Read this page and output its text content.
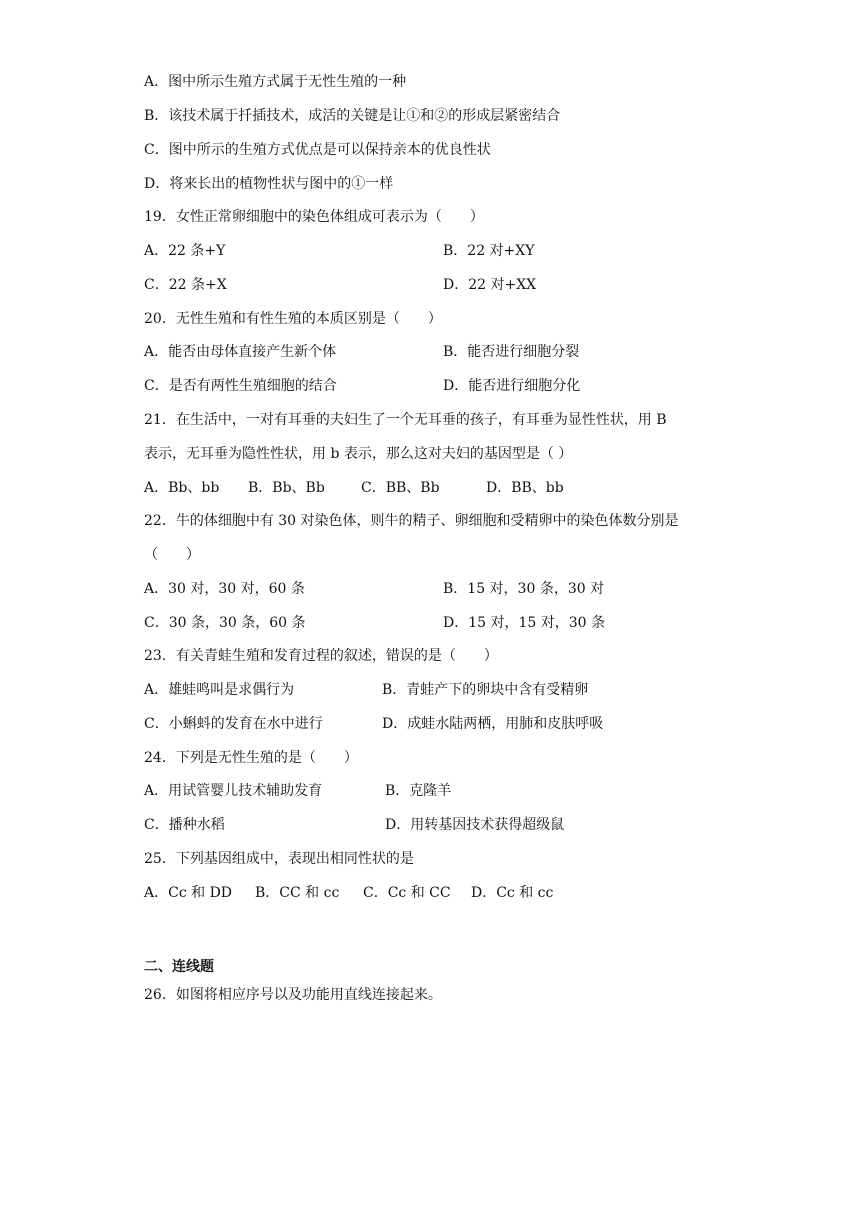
A．图中所示生殖方式属于无性生殖的一种
B．该技术属于扦插技术，成活的关键是让①和②的形成层紧密结合
C．图中所示的生殖方式优点是可以保持亲本的优良性状
D．将来长出的植物性状与图中的①一样
19．女性正常卵细胞中的染色体组成可表示为（　　）
A．22 条+Y	B．22 对+XY
C．22 条+X	D．22 对+XX
20．无性生殖和有性生殖的本质区别是（　　）
A．能否由母体直接产生新个体	B．能否进行细胞分裂
C．是否有两性生殖细胞的结合	D．能否进行细胞分化
21．在生活中，一对有耳垂的夫妇生了一个无耳垂的孩子，有耳垂为显性性状，用 B
表示，无耳垂为隐性性状，用 b 表示，那么这对夫妇的基因型是（ ）
A．Bb、bb B．Bb、Bb	C．BB、Bb	D．BB、bb
22．牛的体细胞中有 30 对染色体，则牛的精子、卵细胞和受精卵中的染色体数分别是
（　　）
A．30 对，30 对，60 条	B．15 对，30 条，30 对
C．30 条，30 条，60 条	D．15 对，15 对，30 条
23．有关青蛙生殖和发育过程的叙述，错误的是（　　）
A．雄蛙鸣叫是求偶行为	B．青蛙产下的卵块中含有受精卵
C．小蝌蚪的发育在水中进行	D．成蛙水陆两栖，用肺和皮肤呼吸
24．下列是无性生殖的是（　　）
A．用试管婴儿技术辅助发育	B．克隆羊
C．播种水稻	D．用转基因技术获得超级鼠
25．下列基因组成中，表现出相同性状的是
A．Cc 和 DD B．CC 和 cc C．Cc 和 CC D．Cc 和 cc
二、连线题
26．如图将相应序号以及功能用直线连接起来。
